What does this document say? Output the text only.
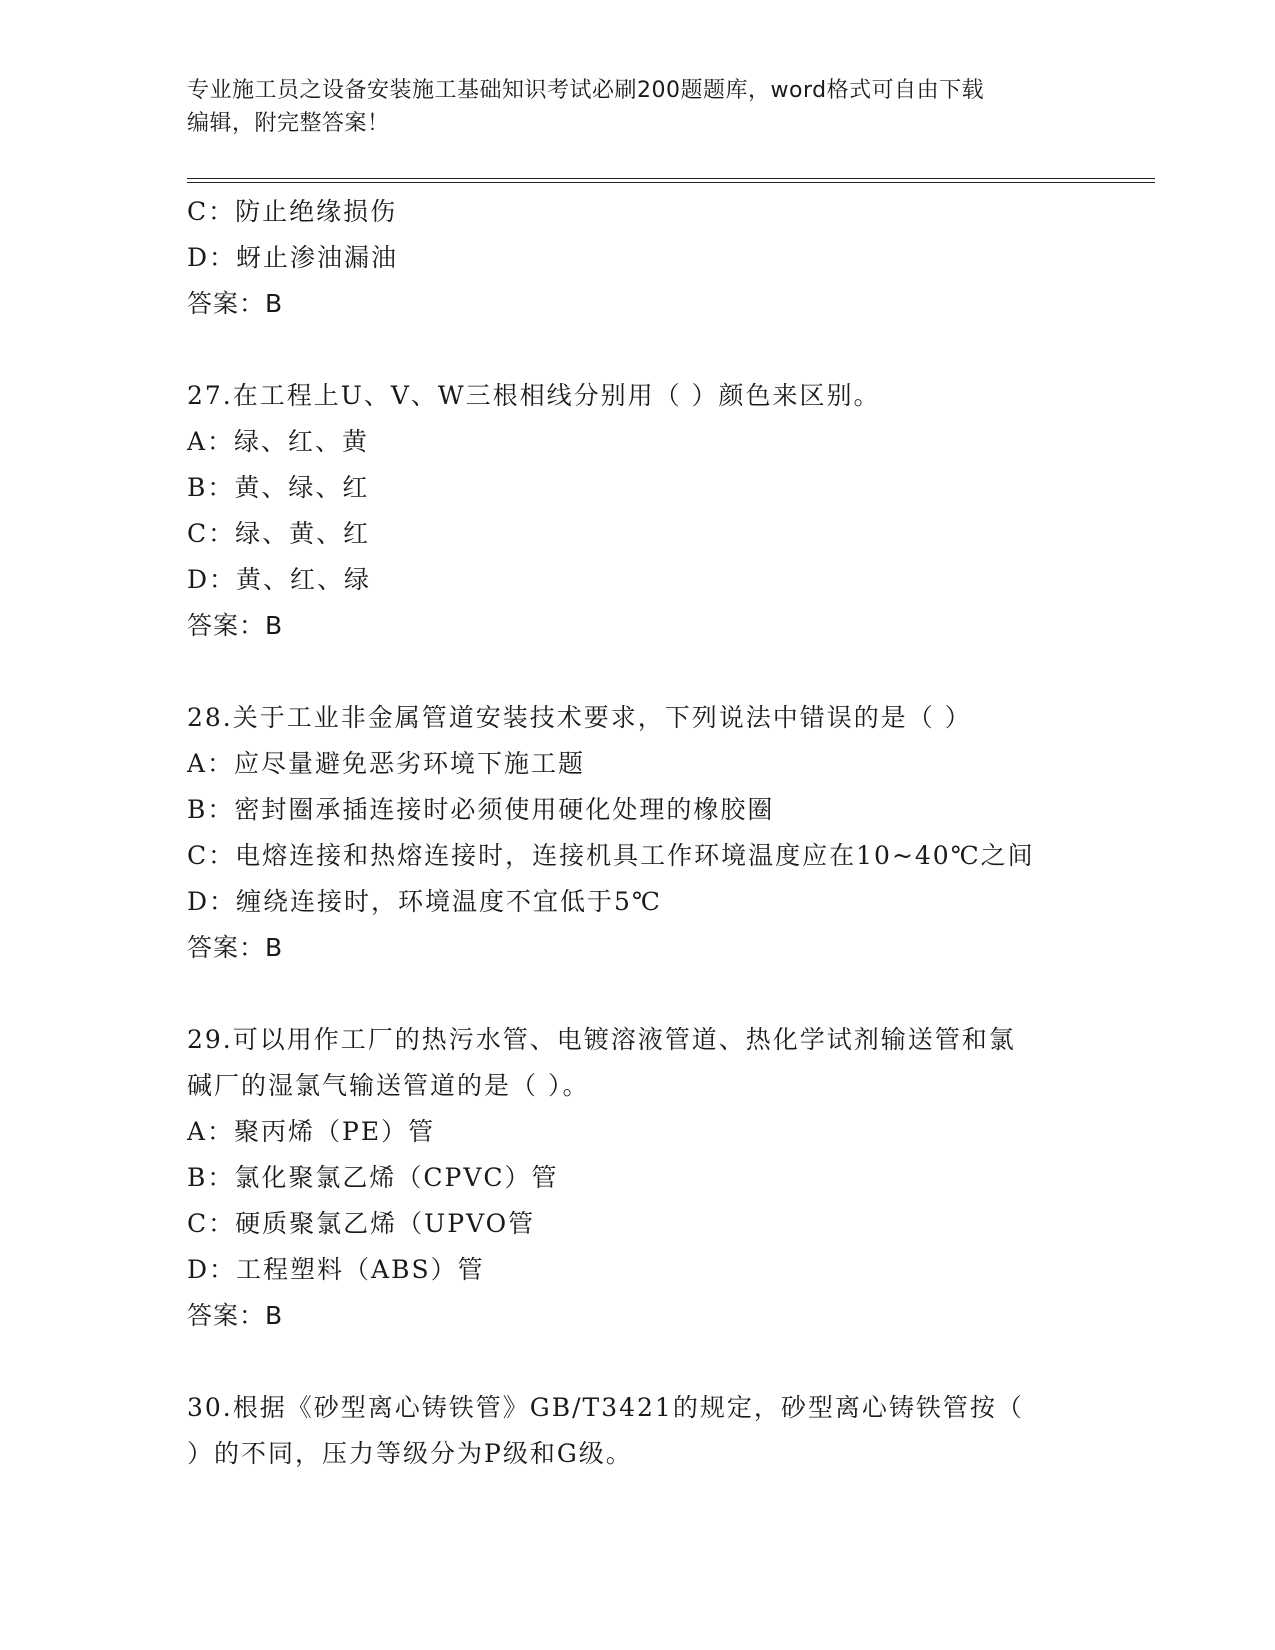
专业施工员之设备安装施工基础知识考试必刷200题题库，word格式可自由下载
编辑，附完整答案！
C：防止绝缘损伤
D：蚜止渗油漏油
答案：B
27.在工程上U、V、W三根相线分别用（ ）颜色来区别。
A：绿、红、黄
B：黄、绿、红
C：绿、黄、红
D：黄、红、绿
答案：B
28.关于工业非金属管道安装技术要求，下列说法中错误的是（ ）
A：应尽量避免恶劣环境下施工题
B：密封圈承插连接时必须使用硬化处理的橡胶圈
C：电熔连接和热熔连接时，连接机具工作环境温度应在10~40℃之间
D：缠绕连接时，环境温度不宜低于5℃
答案：B
29.可以用作工厂的热污水管、电镀溶液管道、热化学试剂输送管和氯
碱厂的湿氯气输送管道的是（ ）。
A：聚丙烯（PE）管
B：氯化聚氯乙烯（CPVC）管
C：硬质聚氯乙烯（UPVO管
D：工程塑料（ABS）管
答案：B
30.根据《砂型离心铸铁管》GB/T3421的规定，砂型离心铸铁管按（
）的不同，压力等级分为P级和G级。
